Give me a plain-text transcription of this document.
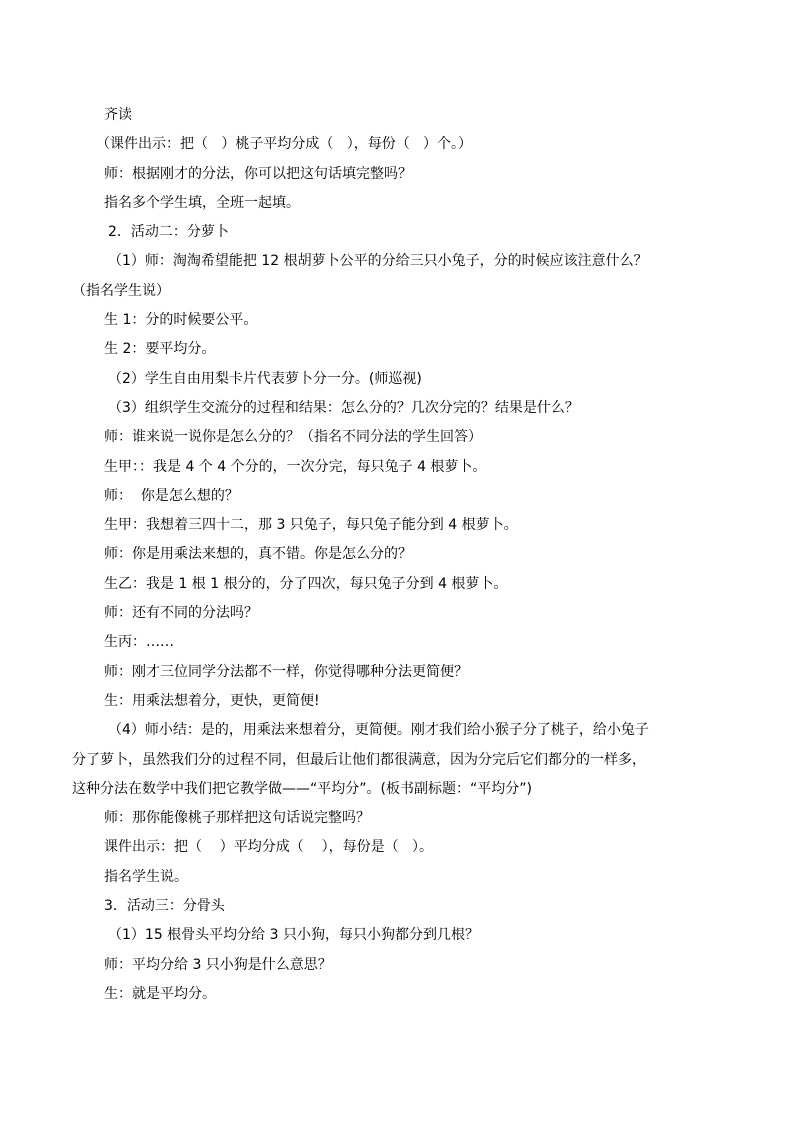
齐读
（课件出示：把（   ）桃子平均分成（   ），每份（   ）个。）
师：根据刚才的分法，你可以把这句话填完整吗？
指名多个学生填，全班一起填。
2．活动二：分萝卜
（1）师：淘淘希望能把 12 根胡萝卜公平的分给三只小兔子，分的时候应该注意什么？
（指名学生说）
生 1：分的时候要公平。
生 2：要平均分。
（2）学生自由用梨卡片代表萝卜分一分。(师巡视)
（3）组织学生交流分的过程和结果：怎么分的？几次分完的？结果是什么？
师：谁来说一说你是怎么分的？（指名不同分法的学生回答）
生甲：：我是 4 个 4 个分的，一次分完，每只兔子 4 根萝卜。
师：  你是怎么想的？
生甲：我想着三四十二，那 3 只兔子，每只兔子能分到 4 根萝卜。
师：你是用乘法来想的，真不错。你是怎么分的？
生乙：我是 1 根 1 根分的，分了四次，每只兔子分到 4 根萝卜。
师：还有不同的分法吗？
生丙：……
师：刚才三位同学分法都不一样，你觉得哪种分法更简便？
生：用乘法想着分，更快，更简便!
（4）师小结：是的，用乘法来想着分，更简便。刚才我们给小猴子分了桃子，给小兔子
分了萝卜，虽然我们分的过程不同，但最后让他们都很满意，因为分完后它们都分的一样多，
这种分法在数学中我们把它教学做——“平均分”。(板书副标题：“平均分”)
师：那你能像桃子那样把这句话说完整吗？
课件出示：把（    ）平均分成（    ），每份是（   ）。
指名学生说。
3．活动三：分骨头
（1）15 根骨头平均分给 3 只小狗，每只小狗都分到几根？
师：平均分给 3 只小狗是什么意思？
生：就是平均分。
